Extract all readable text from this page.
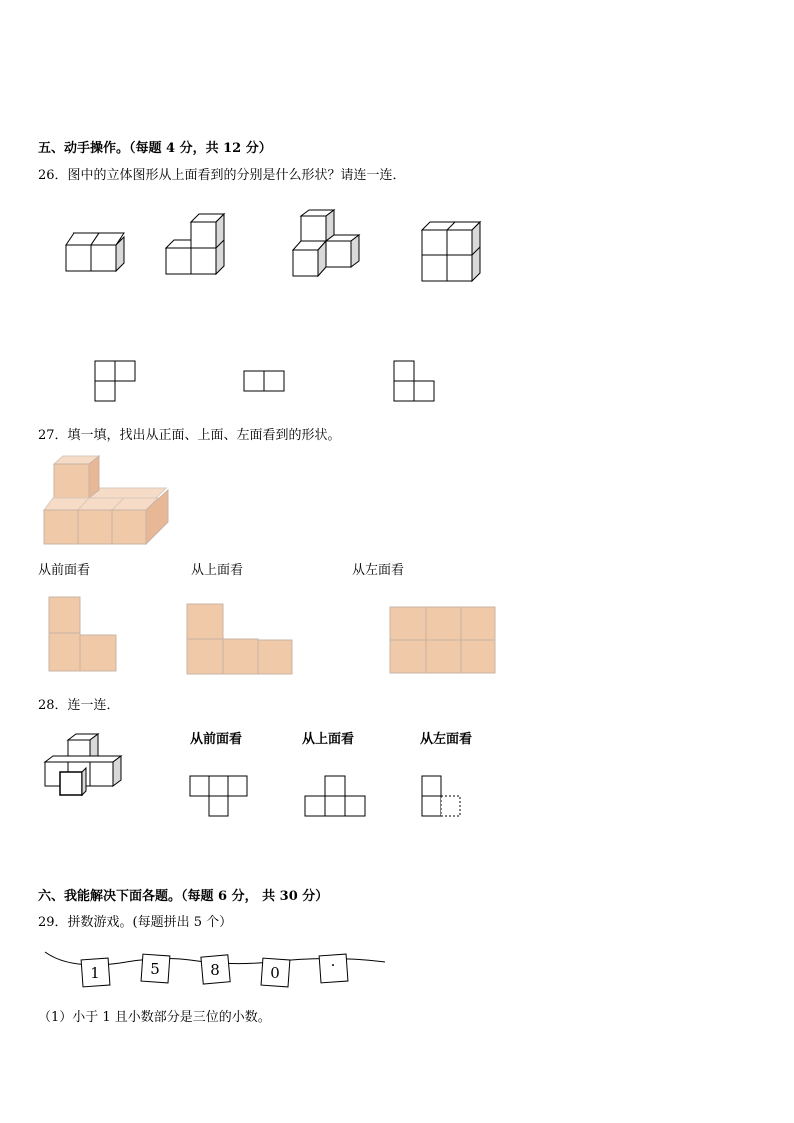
五、动手操作。（每题 4 分，共 12 分）
26．图中的立体图形从上面看到的分别是什么形状？请连一连．
27．填一填，找出从正面、上面、左面看到的形状。
从前面看	从上面看	从左面看
28．连一连．
从前面看	从上面看	从左面看
六、我能解决下面各题。（每题 6 分， 共 30 分）
29．拼数游戏。(每题拼出 5 个）
1	5	8	0	·
（1）小于 1 且小数部分是三位的小数。
